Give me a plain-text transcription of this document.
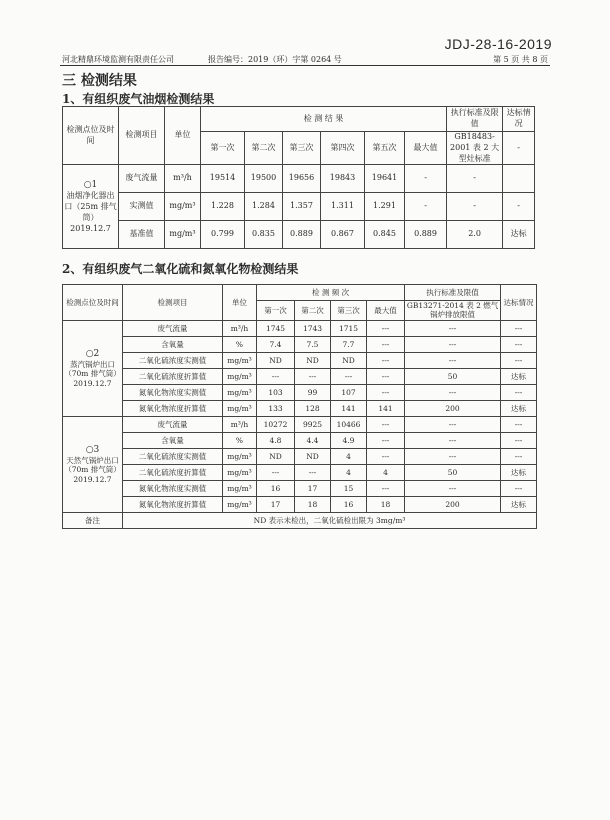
JDJ-28-16-2019
河北精鼎环境监测有限责任公司	报告编号：2019（环）字第 0264 号	第 5 页 共 8 页
三 检测结果
1、有组织废气油烟检测结果
检测点位及时间	检测项目	单位	检 测 结 果						执行标准及限值	达标情况
			第一次	第二次	第三次	第四次	第五次	最大值	GB18483-2001 表 2 大型灶标准	-

○1
油烟净化器出口（25m 排气筒）
2019.12.7	废气流量	m³/h	19514	19500	19656	19843	19641	-	-	
	实测值	mg/m³	1.228	1.284	1.357	1.311	1.291	-	-	-
	基准值	mg/m³	0.799	0.835	0.889	0.867	0.845	0.889	2.0	达标
2、有组织废气二氧化硫和氮氧化物检测结果
检测点位及时间	检测项目	单位	检 测 频 次				执行标准及限值	达标情况
			第一次	第二次	第三次	最大值	GB13271-2014 表 2 燃气锅炉排放限值	

○2
蒸汽锅炉出口（70m 排气筒）
2019.12.7	废气流量	m³/h	1745	1743	1715	---	---	---
	含氧量	%	7.4	7.5	7.7	---	---	---
	二氧化硫浓度实测值	mg/m³	ND	ND	ND	---	---	---
	二氧化硫浓度折算值	mg/m³	---	---	---	---	50	达标
	氮氧化物浓度实测值	mg/m³	103	99	107	---	---	---
	氮氧化物浓度折算值	mg/m³	133	128	141	141	200	达标

○3
天然气锅炉出口（70m 排气筒）
2019.12.7	废气流量	m³/h	10272	9925	10466	---	---	---
	含氧量	%	4.8	4.4	4.9	---	---	---
	二氧化硫浓度实测值	mg/m³	ND	ND	4	---	---	---
	二氧化硫浓度折算值	mg/m³	---	---	4	4	50	达标
	氮氧化物浓度实测值	mg/m³	16	17	15	---	---	---
	氮氧化物浓度折算值	mg/m³	17	18	16	18	200	达标
备注	ND 表示未检出，二氧化硫检出限为 3mg/m³							
